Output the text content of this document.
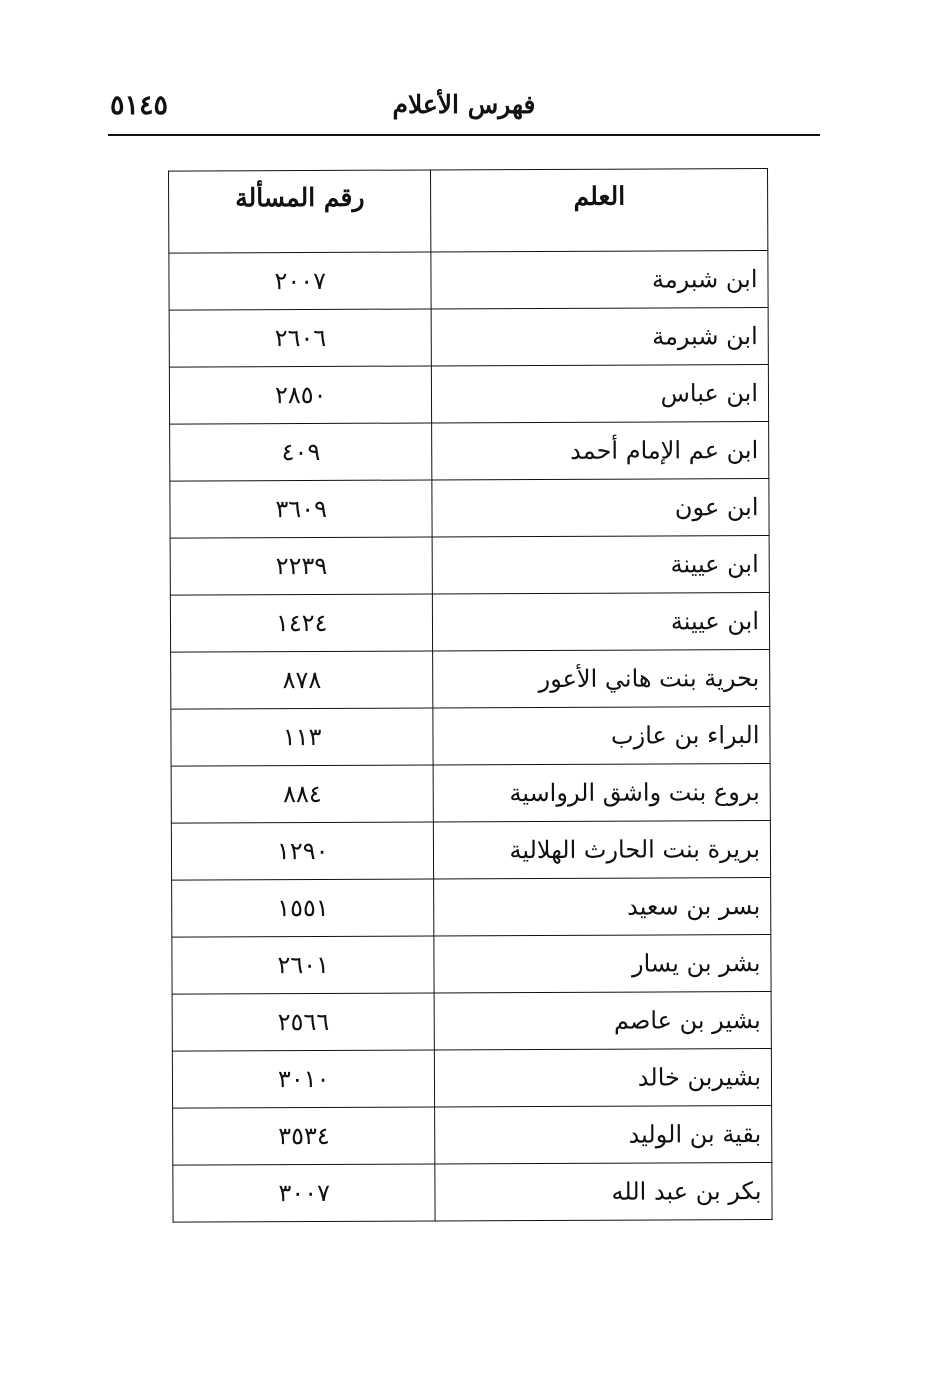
٥١٤٥	فهرس الأعلام
العلم	رقم المسألة
ابن شبرمة	٢٠٠٧
ابن شبرمة	٢٦٠٦
ابن عباس	٢٨٥٠
ابن عم الإمام أحمد	٤٠٩
ابن عون	٣٦٠٩
ابن عيينة	٢٢٣٩
ابن عيينة	١٤٢٤
بحرية بنت هاني الأعور	٨٧٨
البراء بن عازب	١١٣
بروع بنت واشق الرواسية	٨٨٤
بريرة بنت الحارث الهلالية	١٢٩٠
بسر بن سعيد	١٥٥١
بشر بن يسار	٢٦٠١
بشير بن عاصم	٢٥٦٦
بشيربن خالد	٣٠١٠
بقية بن الوليد	٣٥٣٤
بكر بن عبد الله	٣٠٠٧
